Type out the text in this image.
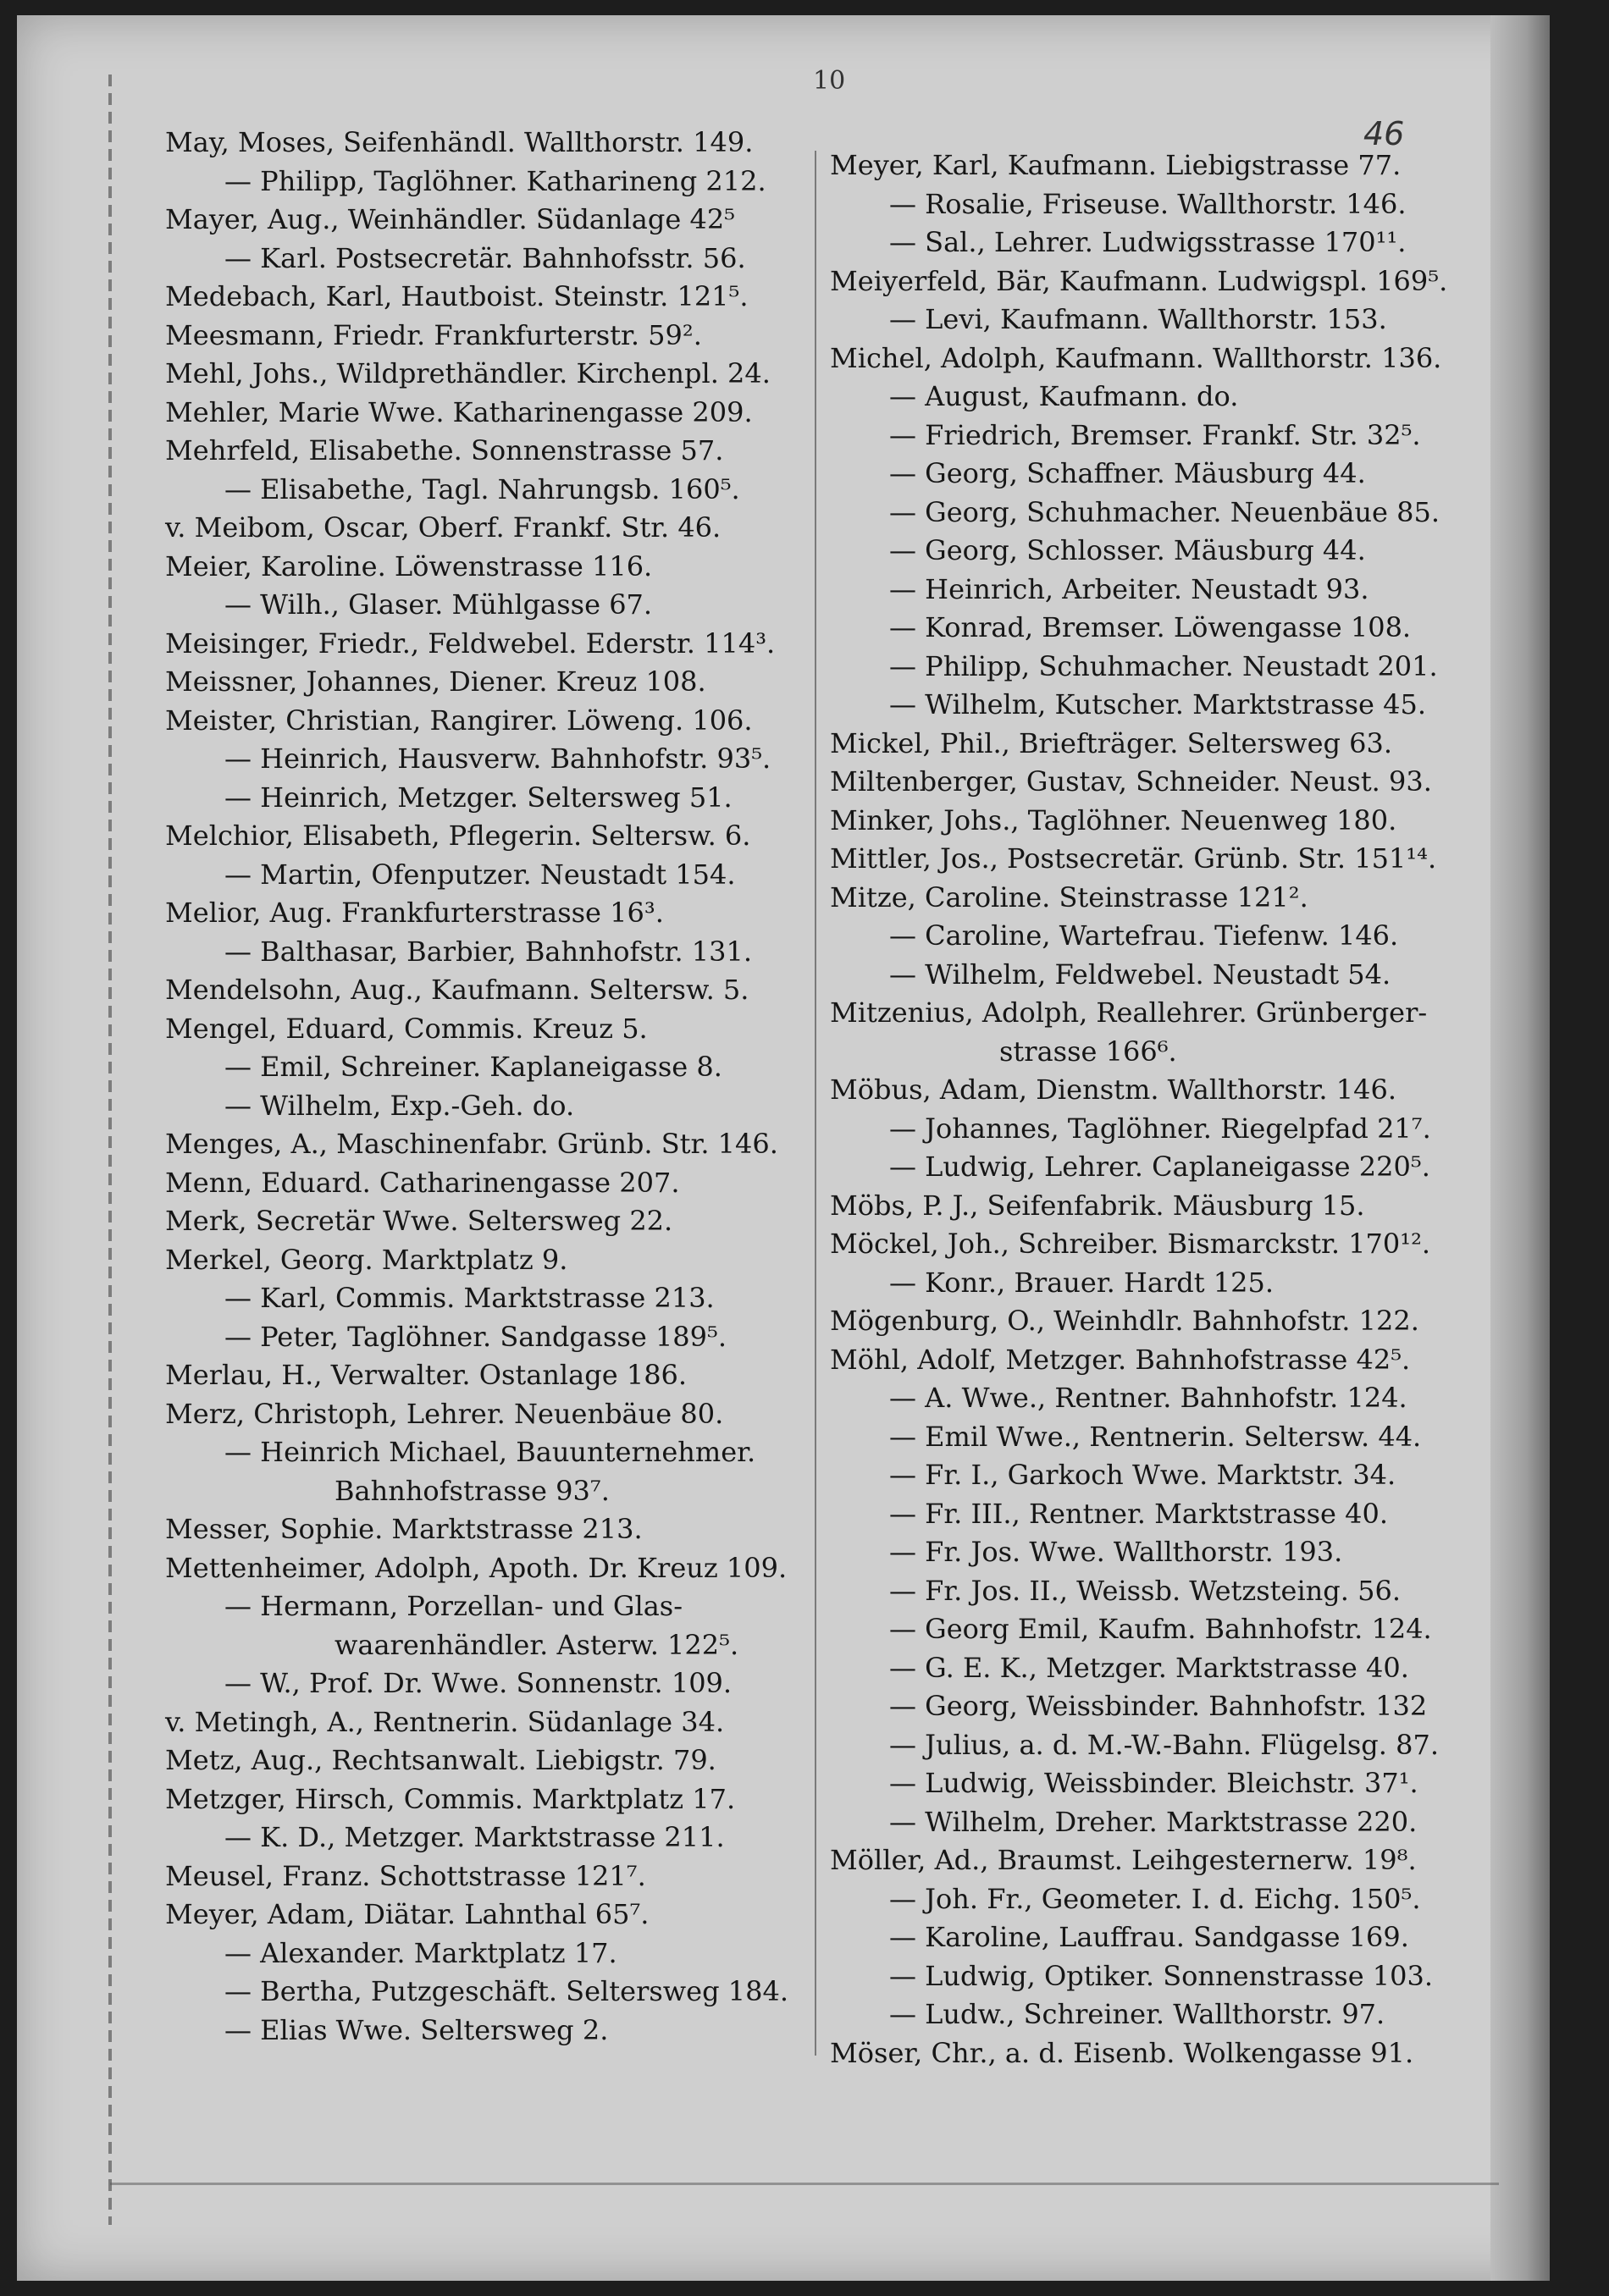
10
46
May, Moses, Seifenhändl. Wallthorstr. 149.
— Philipp, Taglöhner. Katharineng 212.
Mayer, Aug., Weinhändler. Südanlage 42⁵
— Karl. Postsecretär. Bahnhofsstr. 56.
Medebach, Karl, Hautboist. Steinstr. 121⁵.
Meesmann, Friedr. Frankfurterstr. 59².
Mehl, Johs., Wildprethändler. Kirchenpl. 24.
Mehler, Marie Wwe. Katharinengasse 209.
Mehrfeld, Elisabethe. Sonnenstrasse 57.
— Elisabethe, Tagl. Nahrungsb. 160⁵.
v. Meibom, Oscar, Oberf. Frankf. Str. 46.
Meier, Karoline. Löwenstrasse 116.
— Wilh., Glaser. Mühlgasse 67.
Meisinger, Friedr., Feldwebel. Ederstr. 114³.
Meissner, Johannes, Diener. Kreuz 108.
Meister, Christian, Rangirer. Löweng. 106.
— Heinrich, Hausverw. Bahnhofstr. 93⁵.
— Heinrich, Metzger. Seltersweg 51.
Melchior, Elisabeth, Pflegerin. Seltersw. 6.
— Martin, Ofenputzer. Neustadt 154.
Melior, Aug. Frankfurterstrasse 16³.
— Balthasar, Barbier, Bahnhofstr. 131.
Mendelsohn, Aug., Kaufmann. Seltersw. 5.
Mengel, Eduard, Commis. Kreuz 5.
— Emil, Schreiner. Kaplaneigasse 8.
— Wilhelm, Exp.-Geh. do.
Menges, A., Maschinenfabr. Grünb. Str. 146.
Menn, Eduard. Catharinengasse 207.
Merk, Secretär Wwe. Seltersweg 22.
Merkel, Georg. Marktplatz 9.
— Karl, Commis. Marktstrasse 213.
— Peter, Taglöhner. Sandgasse 189⁵.
Merlau, H., Verwalter. Ostanlage 186.
Merz, Christoph, Lehrer. Neuenbäue 80.
— Heinrich Michael, Bauunternehmer.
Bahnhofstrasse 93⁷.
Messer, Sophie. Marktstrasse 213.
Mettenheimer, Adolph, Apoth. Dr. Kreuz 109.
— Hermann, Porzellan- und Glas-
waarenhändler. Asterw. 122⁵.
— W., Prof. Dr. Wwe. Sonnenstr. 109.
v. Metingh, A., Rentnerin. Südanlage 34.
Metz, Aug., Rechtsanwalt. Liebigstr. 79.
Metzger, Hirsch, Commis. Marktplatz 17.
— K. D., Metzger. Marktstrasse 211.
Meusel, Franz. Schottstrasse 121⁷.
Meyer, Adam, Diätar. Lahnthal 65⁷.
— Alexander. Marktplatz 17.
— Bertha, Putzgeschäft. Seltersweg 184.
— Elias Wwe. Seltersweg 2.
Meyer, Karl, Kaufmann. Liebigstrasse 77.
— Rosalie, Friseuse. Wallthorstr. 146.
— Sal., Lehrer. Ludwigsstrasse 170¹¹.
Meiyerfeld, Bär, Kaufmann. Ludwigspl. 169⁵.
— Levi, Kaufmann. Wallthorstr. 153.
Michel, Adolph, Kaufmann. Wallthorstr. 136.
— August, Kaufmann. do.
— Friedrich, Bremser. Frankf. Str. 32⁵.
— Georg, Schaffner. Mäusburg 44.
— Georg, Schuhmacher. Neuenbäue 85.
— Georg, Schlosser. Mäusburg 44.
— Heinrich, Arbeiter. Neustadt 93.
— Konrad, Bremser. Löwengasse 108.
— Philipp, Schuhmacher. Neustadt 201.
— Wilhelm, Kutscher. Marktstrasse 45.
Mickel, Phil., Briefträger. Seltersweg 63.
Miltenberger, Gustav, Schneider. Neust. 93.
Minker, Johs., Taglöhner. Neuenweg 180.
Mittler, Jos., Postsecretär. Grünb. Str. 151¹⁴.
Mitze, Caroline. Steinstrasse 121².
— Caroline, Wartefrau. Tiefenw. 146.
— Wilhelm, Feldwebel. Neustadt 54.
Mitzenius, Adolph, Reallehrer. Grünberger-
strasse 166⁶.
Möbus, Adam, Dienstm. Wallthorstr. 146.
— Johannes, Taglöhner. Riegelpfad 21⁷.
— Ludwig, Lehrer. Caplaneigasse 220⁵.
Möbs, P. J., Seifenfabrik. Mäusburg 15.
Möckel, Joh., Schreiber. Bismarckstr. 170¹².
— Konr., Brauer. Hardt 125.
Mögenburg, O., Weinhdlr. Bahnhofstr. 122.
Möhl, Adolf, Metzger. Bahnhofstrasse 42⁵.
— A. Wwe., Rentner. Bahnhofstr. 124.
— Emil Wwe., Rentnerin. Seltersw. 44.
— Fr. I., Garkoch Wwe. Marktstr. 34.
— Fr. III., Rentner. Marktstrasse 40.
— Fr. Jos. Wwe. Wallthorstr. 193.
— Fr. Jos. II., Weissb. Wetzsteing. 56.
— Georg Emil, Kaufm. Bahnhofstr. 124.
— G. E. K., Metzger. Marktstrasse 40.
— Georg, Weissbinder. Bahnhofstr. 132
— Julius, a. d. M.-W.-Bahn. Flügelsg. 87.
— Ludwig, Weissbinder. Bleichstr. 37¹.
— Wilhelm, Dreher. Marktstrasse 220.
Möller, Ad., Braumst. Leihgesternerw. 19⁸.
— Joh. Fr., Geometer. I. d. Eichg. 150⁵.
— Karoline, Lauffrau. Sandgasse 169.
— Ludwig, Optiker. Sonnenstrasse 103.
— Ludw., Schreiner. Wallthorstr. 97.
Möser, Chr., a. d. Eisenb. Wolkengasse 91.
